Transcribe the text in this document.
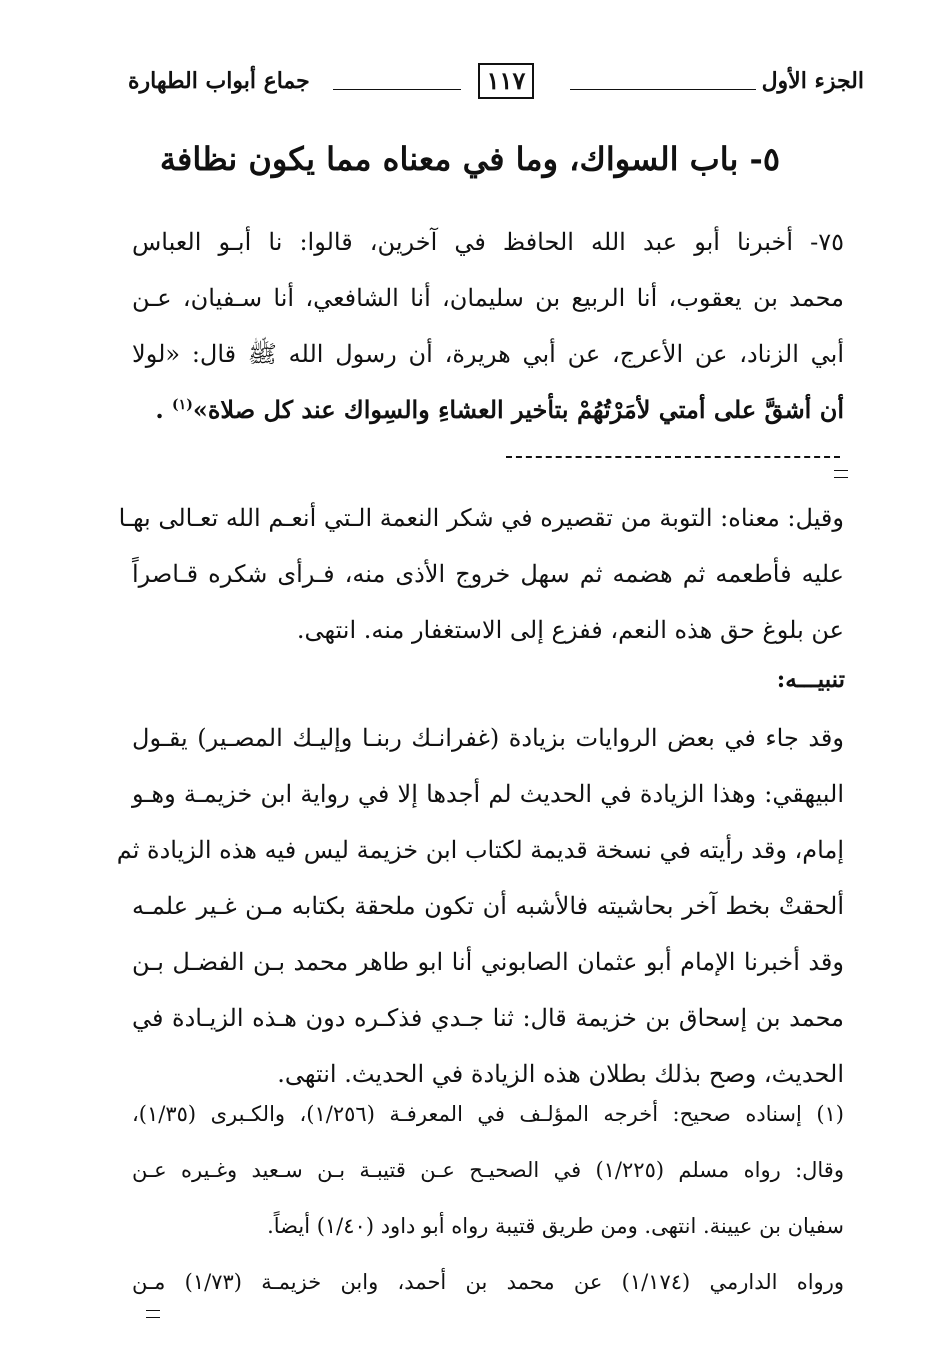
الجزء الأول
١١٧
جماع أبواب الطهارة
٥- باب السواك، وما في معناه مما يكون نظافة
٧٥- أخبرنا أبو عبد الله الحافظ في آخرين، قالوا: نا أبـو العباس
محمد بن يعقوب، أنا الربيع بن سليمان، أنا الشافعي، أنا سـفيان، عـن
أبي الزناد، عن الأعرج، عن أبي هريرة، أن رسول الله ﷺ قال: «لولا
أن أشقَّ على أمتي لأمَرْتُهُمْ بتأخير العشاءِ والسِواك عند كل صلاة»$^{(١)}$ .
وقيل: معناه: التوبة من تقصيره في شكر النعمة الـتي أنعـم الله تعـالى بهـا
عليه فأطعمه ثم هضمه ثم سهل خروج الأذى منه، فـرأى شكره قـاصراً
عن بلوغ حق هذه النعم، ففزع إلى الاستغفار منه. انتهى.
تنبيـــه:
وقد جاء في بعض الروايات بزيادة (غفرانـك ربنـا وإليـك المصـير) يقـول
البيهقي: وهذا الزيادة في الحديث لم أجدها إلا في رواية ابن خزيمـة وهـو
إمام، وقد رأيته في نسخة قديمة لكتاب ابن خزيمة ليس فيه هذه الزيادة ثم
ألحقتْ بخط آخر بحاشيته فالأشبه أن تكون ملحقة بكتابه مـن غـير علمـه
وقد أخبرنا الإمام أبو عثمان الصابوني أنا ابو طاهر محمد بـن الفضـل بـن
محمد بن إسحاق بن خزيمة قال: ثنا جـدي فذكـره دون هـذه الزيـادة في
الحديث، وصح بذلك بطلان هذه الزيادة في الحديث. انتهى.
(١) إسناده صحيح: أخرجه المؤلـف في المعرفـة (١/٢٥٦)، والكـبرى (١/٣٥)،
وقال: رواه مسلم (١/٢٢٥) في الصحيـح عـن قتيبـة بـن سـعيد وغـيره عـن
سفيان بن عيينة. انتهى. ومن طريق قتيبة رواه أبو داود (١/٤٠) أيضاً.
ورواه الدارمي (١/١٧٤) عن محمد بن أحمد، وابن خزيمـة (١/٧٣) مـن
